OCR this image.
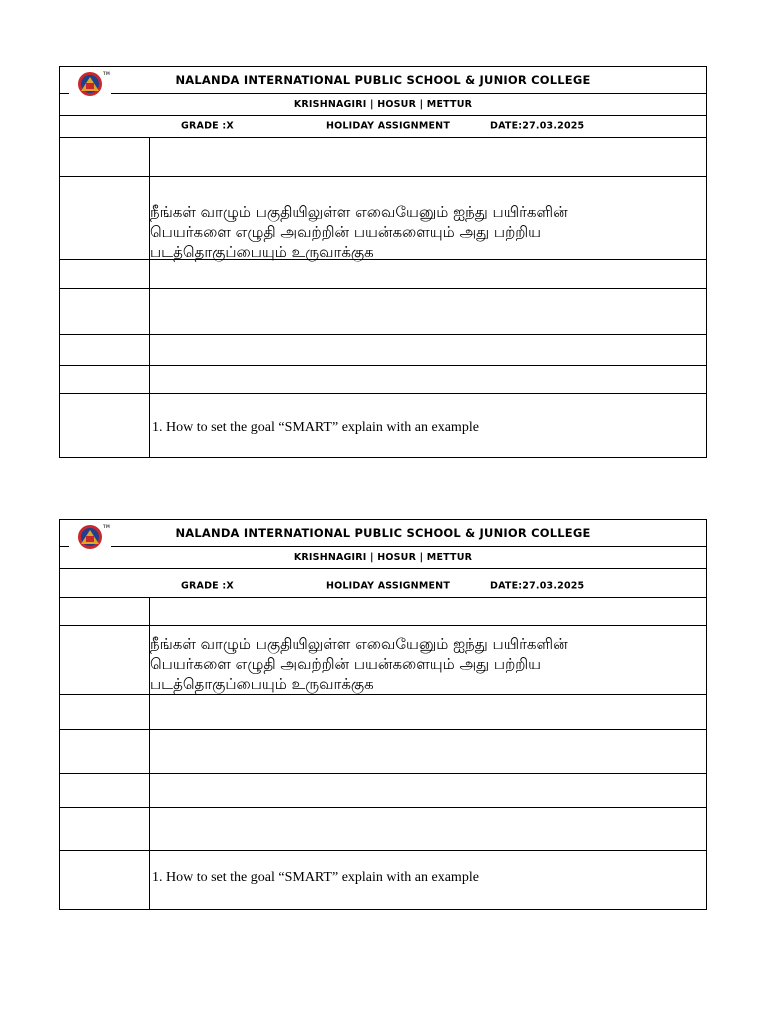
TM	NALANDA INTERNATIONAL PUBLIC SCHOOL & JUNIOR COLLEGE
KRISHNAGIRI | HOSUR | METTUR
GRADE :X	HOLIDAY ASSIGNMENT	DATE:27.03.2025
நீங்கள் வாழும் பகுதியிலுள்ள எவையேனும் ஐந்து பயிர்களின்
பெயர்களை எழுதி அவற்றின் பயன்களையும் அது பற்றிய
படத்தொகுப்பையும் உருவாக்குக
1. How to set the goal “SMART” explain with an example
TM	NALANDA INTERNATIONAL PUBLIC SCHOOL & JUNIOR COLLEGE
KRISHNAGIRI | HOSUR | METTUR
GRADE :X	HOLIDAY ASSIGNMENT	DATE:27.03.2025
நீங்கள் வாழும் பகுதியிலுள்ள எவையேனும் ஐந்து பயிர்களின்
பெயர்களை எழுதி அவற்றின் பயன்களையும் அது பற்றிய
படத்தொகுப்பையும் உருவாக்குக
1. How to set the goal “SMART” explain with an example
